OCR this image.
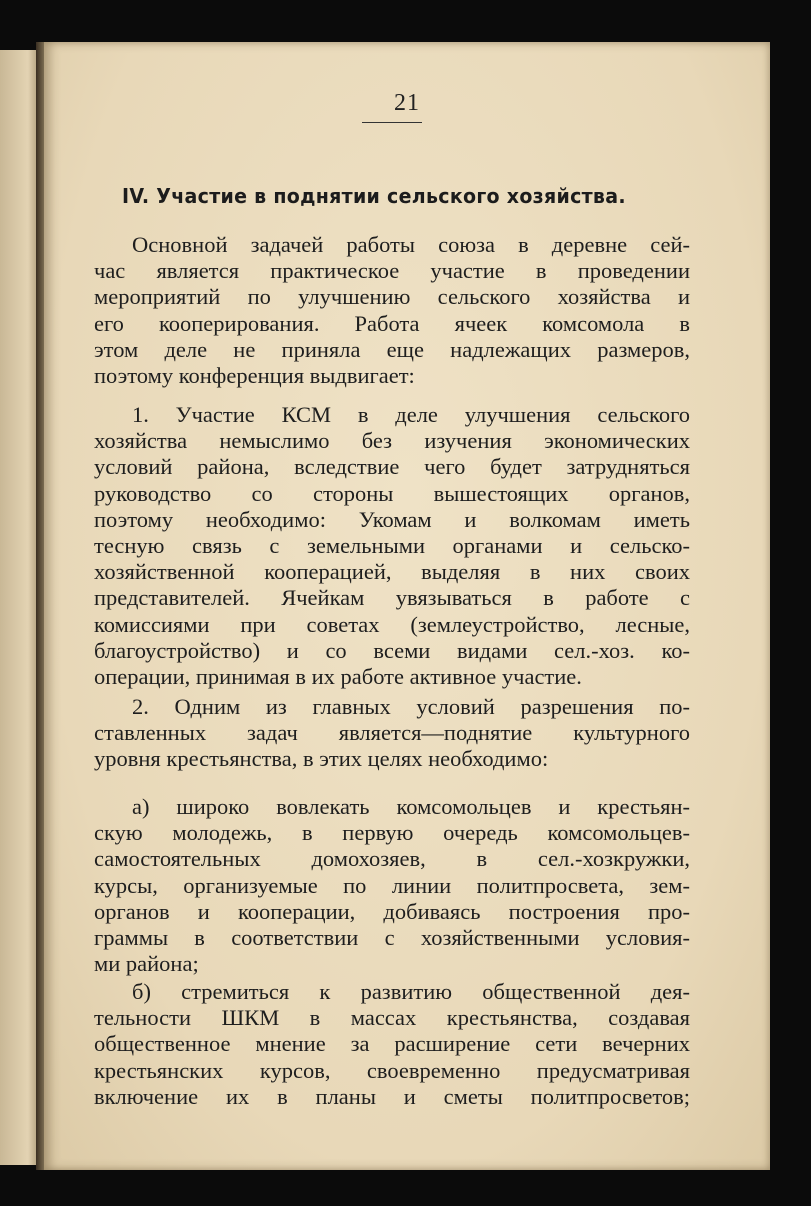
21
IV. Участие в поднятии сельского хозяйства.
Основной задачей работы союза в деревне сей-
час является практическое участие в проведении
мероприятий по улучшению сельского хозяйства и
его кооперирования. Работа ячеек комсомола в
этом деле не приняла еще надлежащих размеров,
поэтому конференция выдвигает:
1. Участие КСМ в деле улучшения сельского
хозяйства немыслимо без изучения экономических
условий района, вследствие чего будет затрудняться
руководство со стороны вышестоящих органов,
поэтому необходимо: Укомам и волкомам иметь
тесную связь с земельными органами и сельско-
хозяйственной кооперацией, выделяя в них своих
представителей. Ячейкам увязываться в работе с
комиссиями при советах (землеустройство, лесные,
благоустройство) и со всеми видами сел.-хоз. ко-
операции, принимая в их работе активное участие.
2. Одним из главных условий разрешения по-
ставленных задач является—поднятие культурного
уровня крестьянства, в этих целях необходимо:
а) широко вовлекать комсомольцев и крестьян-
скую молодежь, в первую очередь комсомольцев-
самостоятельных домохозяев, в сел.-хозкружки,
курсы, организуемые по линии политпросвета, зем-
органов и кооперации, добиваясь построения про-
граммы в соответствии с хозяйственными условия-
ми района;
б) стремиться к развитию общественной дея-
тельности ШКМ в массах крестьянства, создавая
общественное мнение за расширение сети вечерних
крестьянских курсов, своевременно предусматривая
включение их в планы и сметы политпросветов;
